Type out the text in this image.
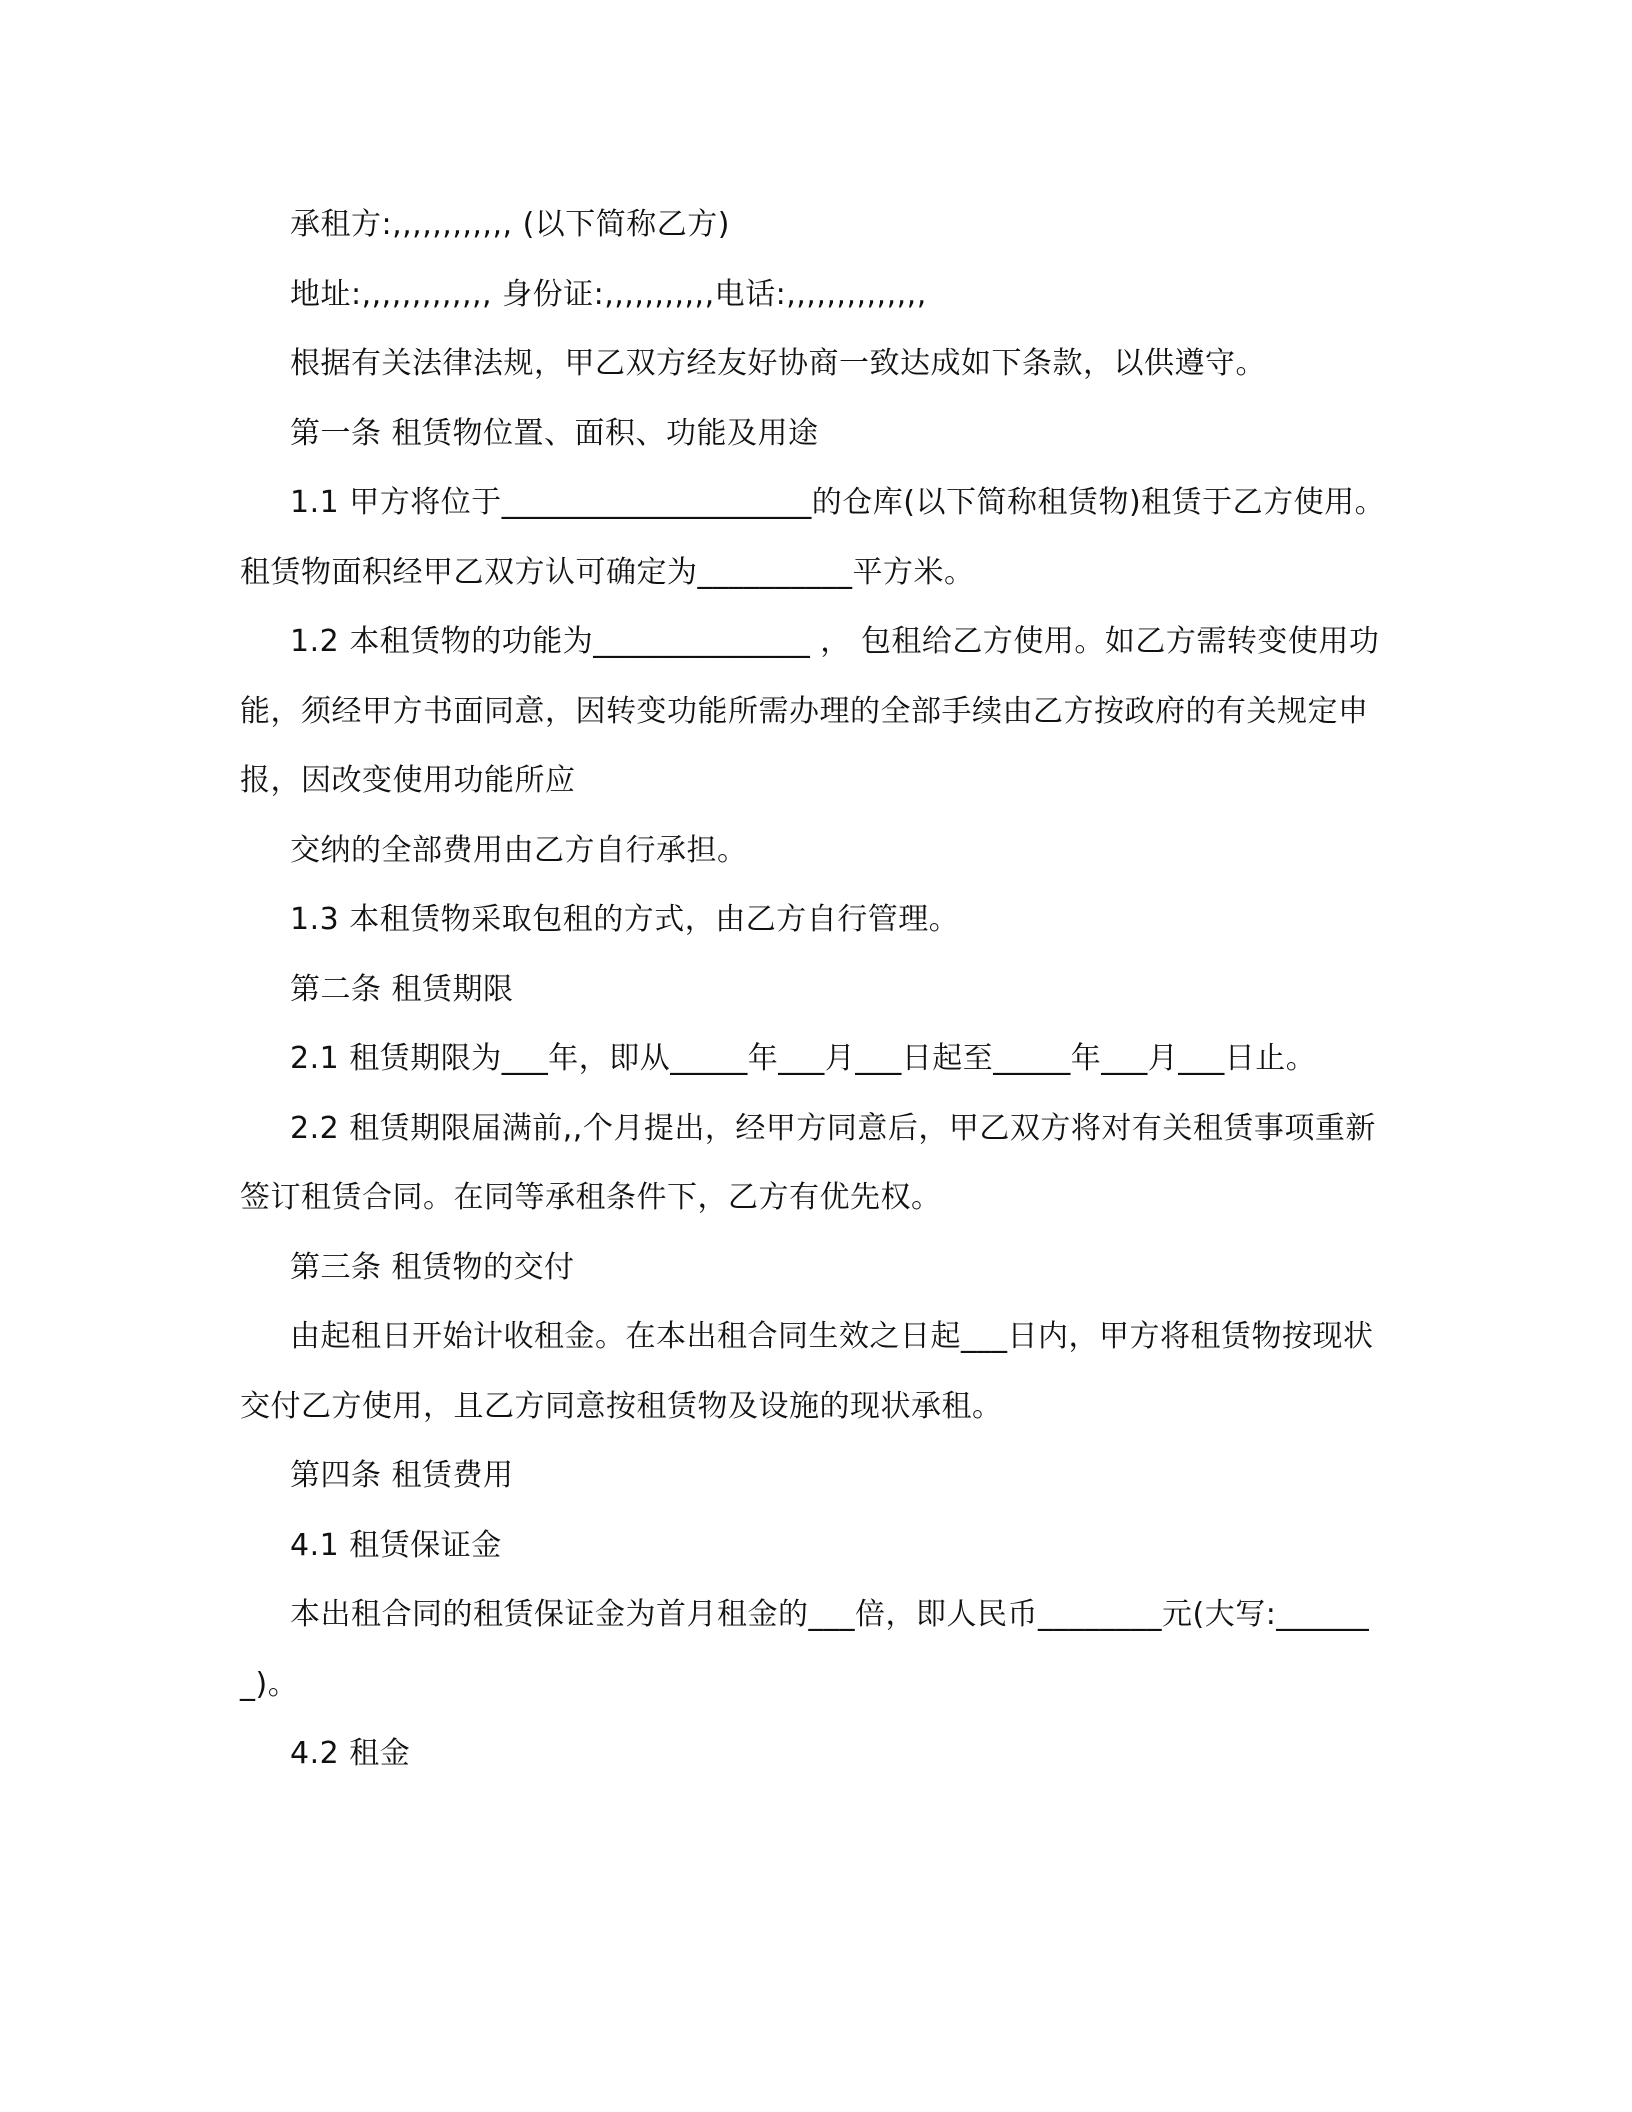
承租方:,,,,,,,,,,,, (以下简称乙方)

地址:,,,,,,,,,,,,, 身份证:,,,,,,,,,,,电话:,,,,,,,,,,,,,,

根据有关法律法规，甲乙双方经友好协商一致达成如下条款，以供遵守。

第一条 租赁物位置、面积、功能及用途

1.1 甲方将位于____________________的仓库(以下简称租赁物)租赁于乙方使用。租赁物面积经甲乙双方认可确定为__________平方米。

1.2 本租赁物的功能为______________ ， 包租给乙方使用。如乙方需转变使用功能，须经甲方书面同意，因转变功能所需办理的全部手续由乙方按政府的有关规定申报，因改变使用功能所应

交纳的全部费用由乙方自行承担。

1.3 本租赁物采取包租的方式，由乙方自行管理。

第二条 租赁期限

2.1 租赁期限为___年，即从_____年___月___日起至_____年___月___日止。

2.2 租赁期限届满前,,个月提出，经甲方同意后，甲乙双方将对有关租赁事项重新签订租赁合同。在同等承租条件下，乙方有优先权。

第三条 租赁物的交付

由起租日开始计收租金。在本出租合同生效之日起___日内，甲方将租赁物按现状交付乙方使用，且乙方同意按租赁物及设施的现状承租。

第四条 租赁费用

4.1 租赁保证金

本出租合同的租赁保证金为首月租金的___倍，即人民币________元(大写:_______)。

4.2 租金
